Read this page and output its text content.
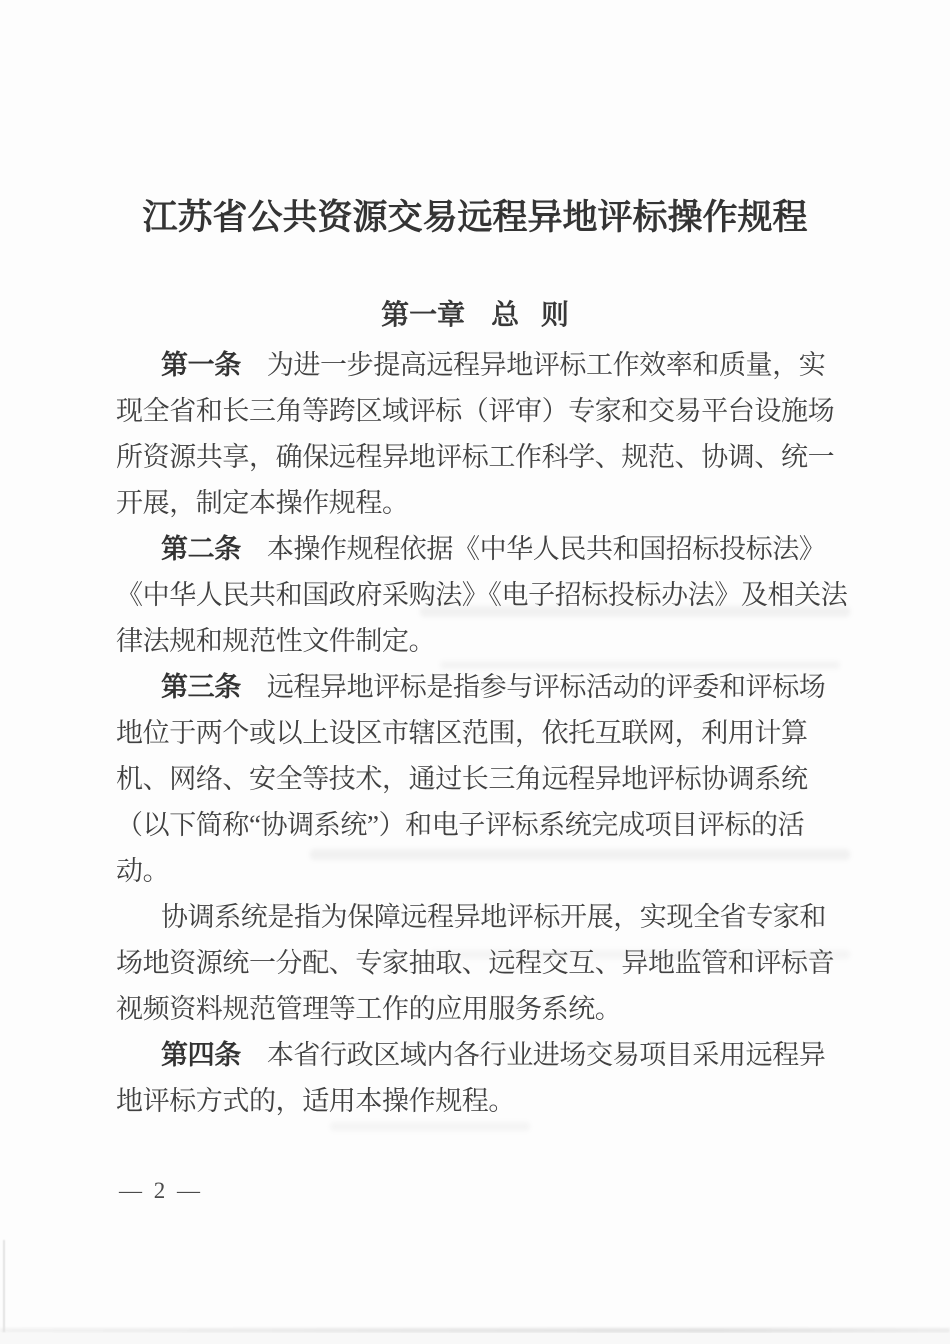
江苏省公共资源交易远程异地评标操作规程
第一章 总 则
第一条 为进一步提高远程异地评标工作效率和质量，实
现全省和长三角等跨区域评标（评审）专家和交易平台设施场
所资源共享，确保远程异地评标工作科学、规范、协调、统一
开展，制定本操作规程。
第二条 本操作规程依据《中华人民共和国招标投标法》
《中华人民共和国政府采购法》《电子招标投标办法》及相关法
律法规和规范性文件制定。
第三条 远程异地评标是指参与评标活动的评委和评标场
地位于两个或以上设区市辖区范围，依托互联网，利用计算
机、网络、安全等技术，通过长三角远程异地评标协调系统
（以下简称“协调系统”）和电子评标系统完成项目评标的活
动。
协调系统是指为保障远程异地评标开展，实现全省专家和
场地资源统一分配、专家抽取、远程交互、异地监管和评标音
视频资料规范管理等工作的应用服务系统。
第四条 本省行政区域内各行业进场交易项目采用远程异
地评标方式的，适用本操作规程。
— 2 —
